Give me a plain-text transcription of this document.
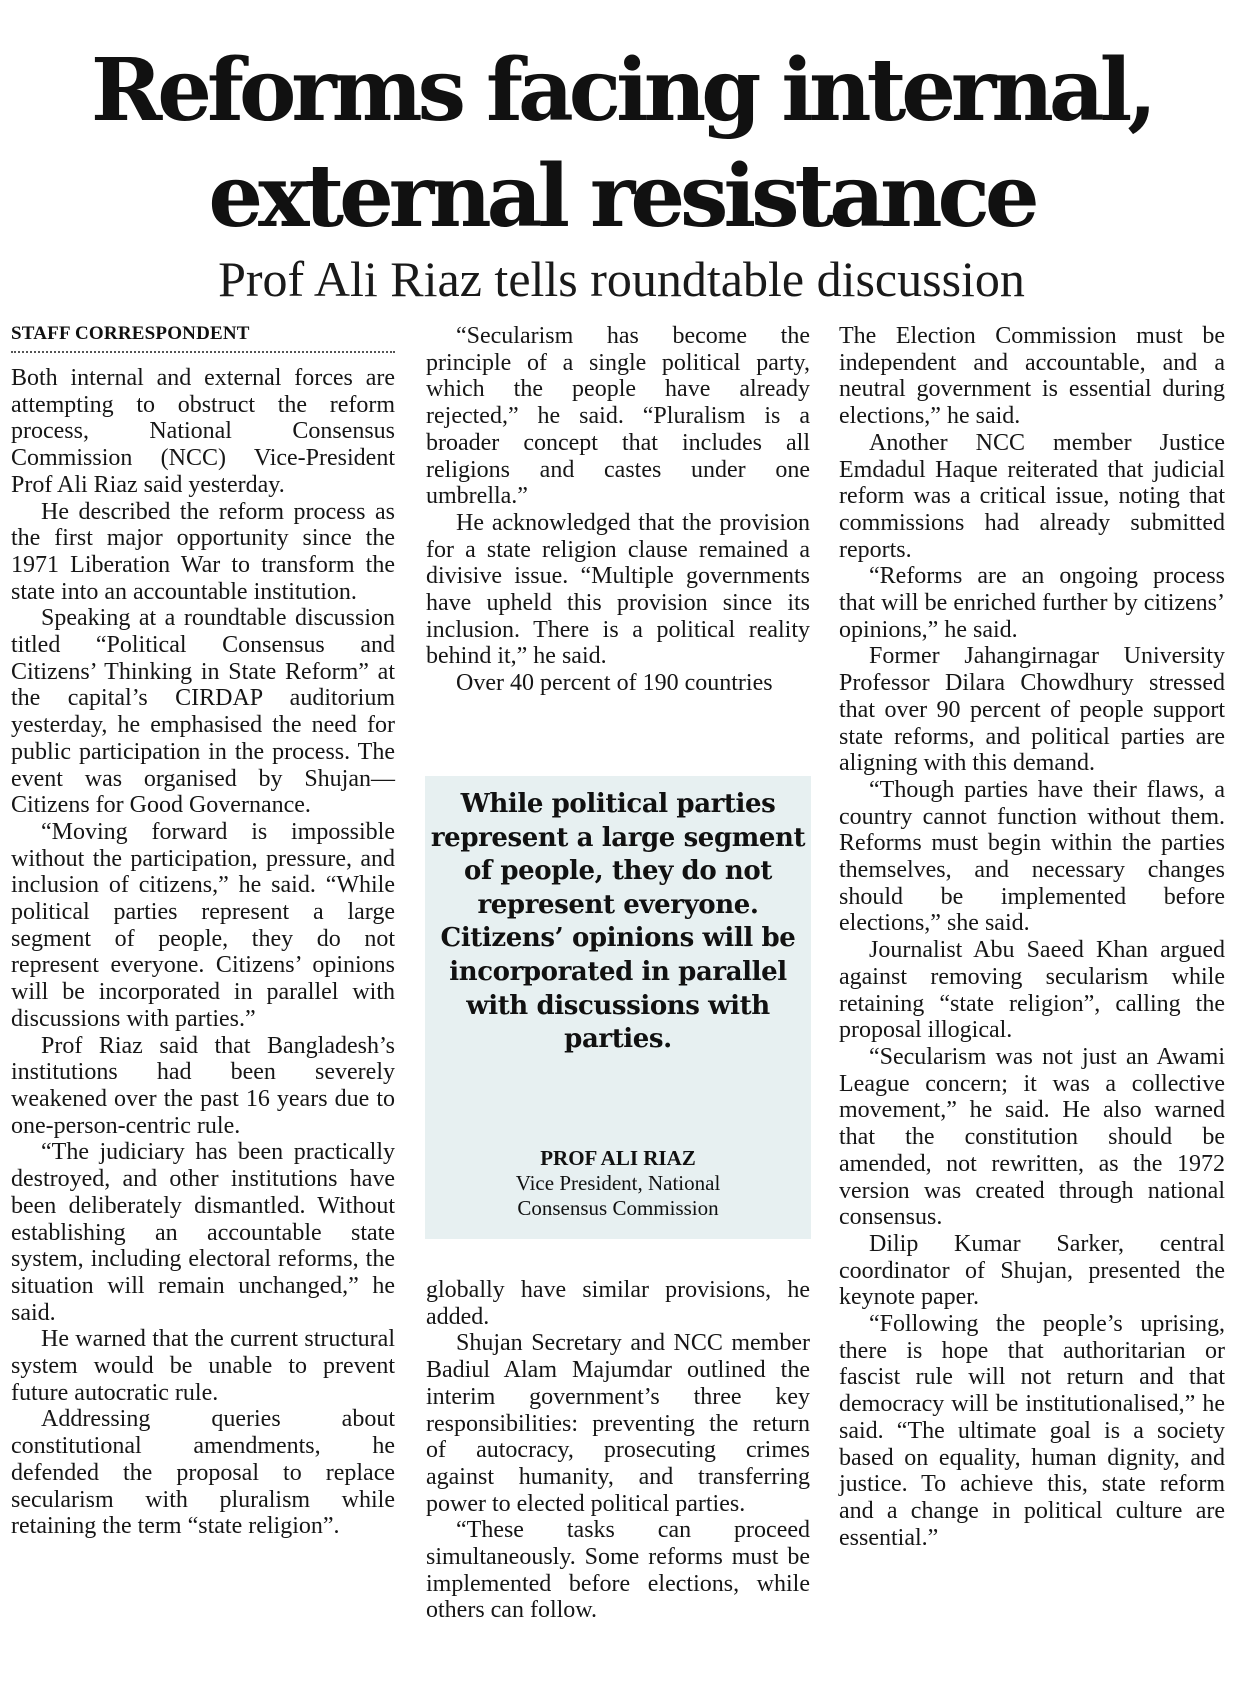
Reforms facing internal, external resistance
Prof Ali Riaz tells roundtable discussion
STAFF CORRESPONDENT

Both internal and external forces are attempting to obstruct the reform process, National Consensus Commission (NCC) Vice-President Prof Ali Riaz said yesterday.

He described the reform process as the first major opportunity since the 1971 Liberation War to transform the state into an accountable institution.

Speaking at a roundtable discussion titled “Political Consensus and Citizens’ Thinking in State Reform” at the capital’s CIRDAP auditorium yesterday, he emphasised the need for public participation in the process. The event was organised by Shujan—Citizens for Good Governance.

“Moving forward is impossible without the participation, pressure, and inclusion of citizens,” he said. “While political parties represent a large segment of people, they do not represent everyone. Citizens’ opinions will be incorporated in parallel with discussions with parties.”

Prof Riaz said that Bangladesh’s institutions had been severely weakened over the past 16 years due to one-person-centric rule.

“The judiciary has been practically destroyed, and other institutions have been deliberately dismantled. Without establishing an accountable state system, including electoral reforms, the situation will remain unchanged,” he said.

He warned that the current structural system would be unable to prevent future autocratic rule.

Addressing queries about constitutional amendments, he defended the proposal to replace secularism with pluralism while retaining the term “state religion”.

“Secularism has become the principle of a single political party, which the people have already rejected,” he said. “Pluralism is a broader concept that includes all religions and castes under one umbrella.”

He acknowledged that the provision for a state religion clause remained a divisive issue. “Multiple governments have upheld this provision since its inclusion. There is a political reality behind it,” he said.

Over 40 percent of 190 countries

While political parties represent a large segment of people, they do not represent everyone. Citizens’ opinions will be incorporated in parallel with discussions with parties.

PROF ALI RIAZ
Vice President, National
Consensus Commission

globally have similar provisions, he added.

Shujan Secretary and NCC member Badiul Alam Majumdar outlined the interim government’s three key responsibilities: preventing the return of autocracy, prosecuting crimes against humanity, and transferring power to elected political parties.

“These tasks can proceed simultaneously. Some reforms must be implemented before elections, while others can follow.

The Election Commission must be independent and accountable, and a neutral government is essential during elections,” he said.

Another NCC member Justice Emdadul Haque reiterated that judicial reform was a critical issue, noting that commissions had already submitted reports.

“Reforms are an ongoing process that will be enriched further by citizens’ opinions,” he said.

Former Jahangirnagar University Professor Dilara Chowdhury stressed that over 90 percent of people support state reforms, and political parties are aligning with this demand.

“Though parties have their flaws, a country cannot function without them. Reforms must begin within the parties themselves, and necessary changes should be implemented before elections,” she said.

Journalist Abu Saeed Khan argued against removing secularism while retaining “state religion”, calling the proposal illogical.

“Secularism was not just an Awami League concern; it was a collective movement,” he said. He also warned that the constitution should be amended, not rewritten, as the 1972 version was created through national consensus.

Dilip Kumar Sarker, central coordinator of Shujan, presented the keynote paper.

“Following the people’s uprising, there is hope that authoritarian or fascist rule will not return and that democracy will be institutionalised,” he said. “The ultimate goal is a society based on equality, human dignity, and justice. To achieve this, state reform and a change in political culture are essential.”
